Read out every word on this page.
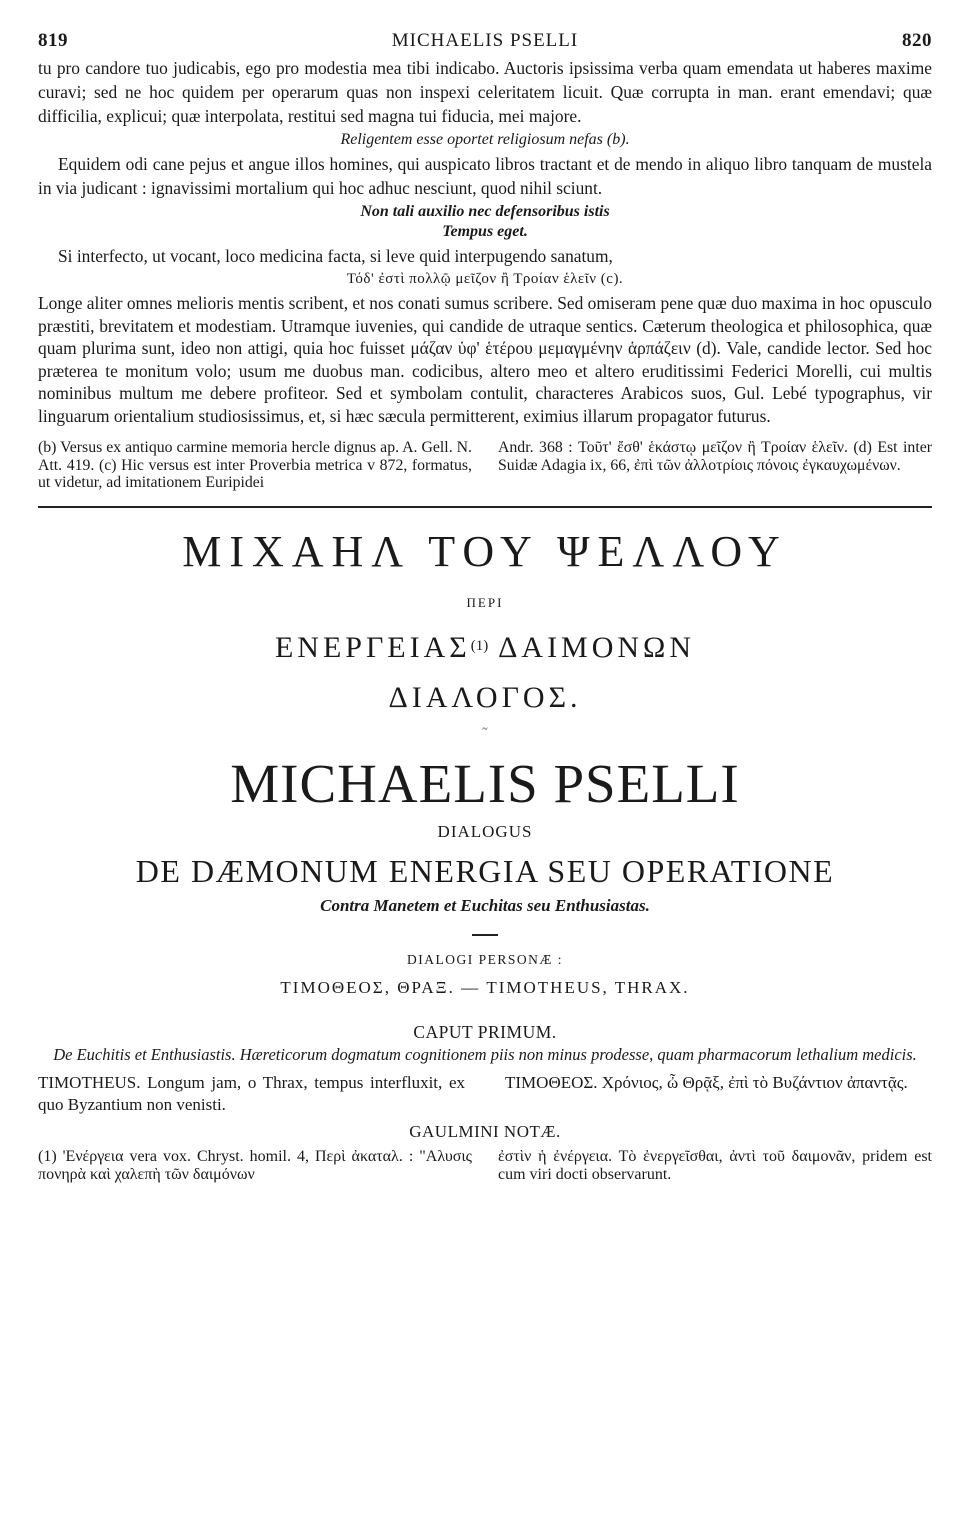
819	MICHAELIS PSELLI	820

tu pro candore tuo judicabis, ego pro modestia mea tibi indicabo. Auctoris ipsissima verba quam emendata ut haberes maxime curavi; sed ne hoc quidem per operarum quas non inspexi celeritatem licuit. Quæ corrupta in man. erant emendavi; quæ difficilia, explicui; quæ interpolata, restitui sed magna tui fiducia, mei majore.

Religentem esse oportet religiosum nefas (b).

Equidem odi cane pejus et angue illos homines, qui auspicato libros tractant et de mendo in aliquo libro tanquam de mustela in via judicant : ignavissimi mortalium qui hoc adhuc nesciunt, quod nihil sciunt.

Non tali auxilio nec defensoribus istis

Tempus eget.

Si interfecto, ut vocant, loco medicina facta, si leve quid interpugendo sanatum,

Τόδ' ἐστὶ πολλῷ μεῖζον ἢ Τροίαν ἑλεῖν (c).

Longe aliter omnes melioris mentis scribent, et nos conati sumus scribere. Sed omiseram pene quæ duo maxima in hoc opusculo præstiti, brevitatem et modestiam. Utramque iuvenies, qui candide de utraque sentics. Cæterum theologica et philosophica, quæ quam plurima sunt, ideo non attigi, quia hoc fuisset μάζαν ὑφ' ἑτέρου μεμαγμένην ἁρπάζειν (d). Vale, candide lector. Sed hoc præterea te monitum volo; usum me duobus man. codicibus, altero meo et altero eruditissimi Federici Morelli, cui multis nominibus multum me debere profiteor. Sed et symbolam contulit, characteres Arabicos suos, Gul. Lebé typographus, vir linguarum orientalium studiosissimus, et, si hæc sæcula permitterent, eximius illarum propagator futurus.

(b) Versus ex antiquo carmine memoria hercle dignus ap. A. Gell. N. Att. 419. (c) Hic versus est inter Proverbia metrica v 872, formatus, ut videtur, ad imitationem Euripidei
Andr. 368 : Τοῦτ' ἔσθ' ἑκάστῳ μεῖζον ἢ Τροίαν ἑλεῖν. (d) Est inter Suidæ Adagia ix, 66, ἐπὶ τῶν ἀλλοτρίοις πόνοις ἐγκαυχωμένων.
ΜΙΧΑΗΛ ΤΟΥ ΨΕΛΛΟΥ
ΠΕΡΙ
ΕΝΕΡΓΕΙΑΣ$^{(1)}$ ΔΑΙΜΟΝΩΝ
ΔΙΑΛΟΓΟΣ.
~
MICHAELIS PSELLI
DIALOGUS
DE DÆMONUM ENERGIA SEU OPERATIONE
Contra Manetem et Euchitas seu Enthusiastas.
DIALOGI PERSONÆ :
ΤΙΜΟΘΕΟΣ, ΘΡΑΞ. — TIMOTHEUS, THRAX.
CAPUT PRIMUM.
De Euchitis et Enthusiastis. Hæreticorum dogmatum cognitionem piis non minus prodesse, quam pharmacorum lethalium medicis.
TIMOTHEUS. Longum jam, o Thrax, tempus interfluxit, ex quo Byzantium non venisti.
ΤΙΜΟΘΕΟΣ. Χρόνιος, ὦ Θρᾷξ, ἐπὶ τὸ Βυζάντιον ἀπαντᾷς.
GAULMINI NOTÆ.
(1) 'Ενέργεια vera vox. Chryst. homil. 4, Περὶ ἀκαταλ. : "Αλυσις πονηρὰ καὶ χαλεπὴ τῶν δαιμόνων
ἐστὶν ἡ ἐνέργεια. Τὸ ἐνεργεῖσθαι, ἀντὶ τοῦ δαιμονᾶν, pridem est cum viri docti observarunt.
